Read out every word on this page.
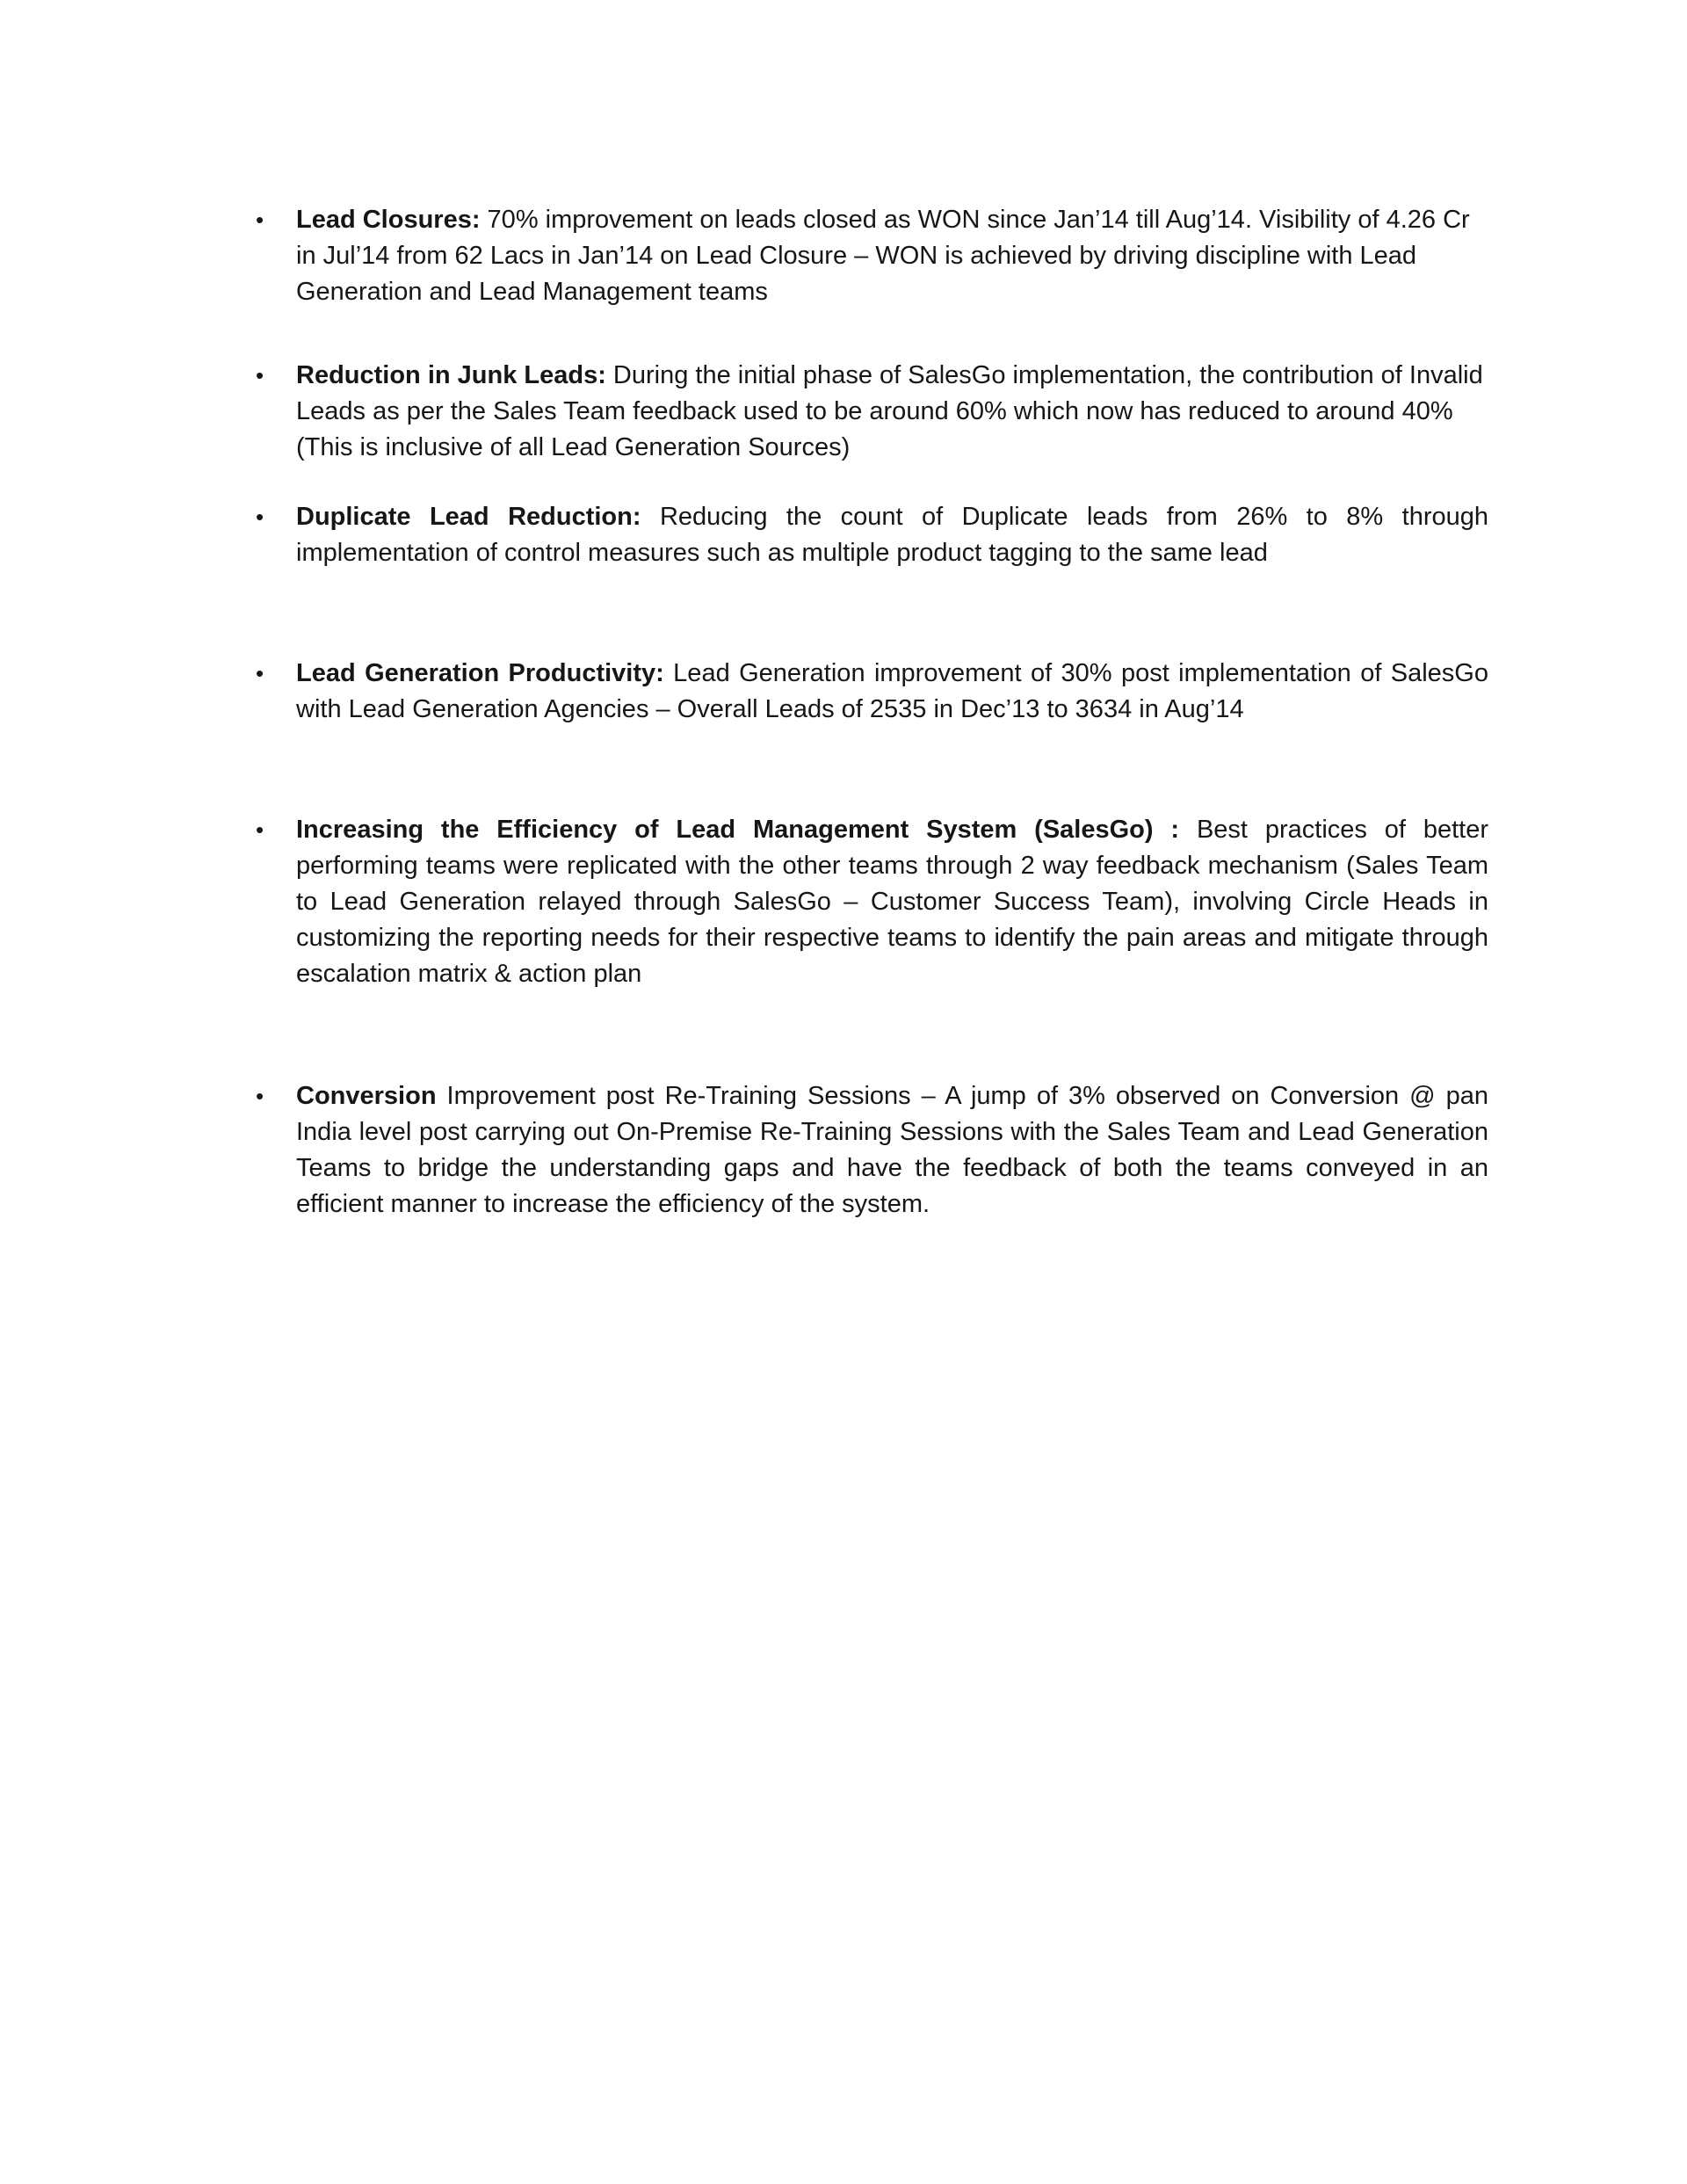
•	Lead Closures: 70% improvement on leads closed as WON since Jan’14 till Aug’14. Visibility of 4.26 Cr in Jul’14 from 62 Lacs in Jan’14 on Lead Closure – WON is achieved by driving discipline with Lead Generation and Lead Management teams

•	Reduction in Junk Leads: During the initial phase of SalesGo implementation, the contribution of Invalid Leads as per the Sales Team feedback used to be around 60% which now has reduced to around 40% (This is inclusive of all Lead Generation Sources)

•	Duplicate Lead Reduction: Reducing the count of Duplicate leads from 26% to 8% through implementation of control measures such as multiple product tagging to the same lead

•	Lead Generation Productivity: Lead Generation improvement of 30% post implementation of SalesGo with Lead Generation Agencies – Overall Leads of 2535 in Dec’13 to 3634 in Aug’14

•	Increasing the Efficiency of Lead Management System (SalesGo) : Best practices of better performing teams were replicated with the other teams through 2 way feedback mechanism (Sales Team to Lead Generation relayed through SalesGo – Customer Success Team), involving Circle Heads in customizing the reporting needs for their respective teams to identify the pain areas and mitigate through escalation matrix & action plan

•	Conversion Improvement post Re-Training Sessions – A jump of 3% observed on Conversion @ pan India level post carrying out On-Premise Re-Training Sessions with the Sales Team and Lead Generation Teams to bridge the understanding gaps and have the feedback of both the teams conveyed in an efficient manner to increase the efficiency of the system.
